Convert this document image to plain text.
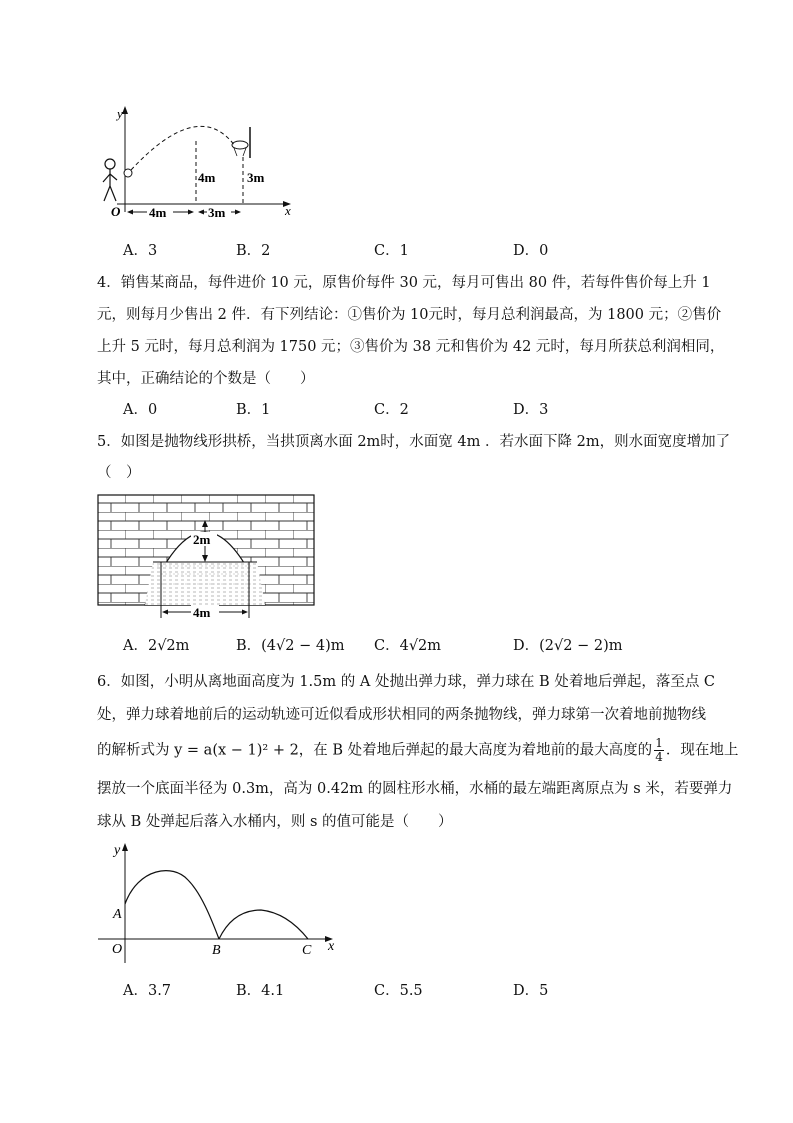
y
x
O
4m 3m
4m	3m
A．3	B．2	C．1	D．0
4．销售某商品，每件进价 10 元，原售价每件 30 元，每月可售出 80 件，若每件售价每上升 1
元，则每月少售出 2 件．有下列结论：①售价为 10元时，每月总利润最高，为 1800 元；②售价
上升 5 元时，每月总利润为 1750 元；③售价为 38 元和售价为 42 元时，每月所获总利润相同，
其中，正确结论的个数是（　　）
A．0	B．1	C．2	D．3
5．如图是抛物线形拱桥，当拱顶离水面 2m时，水面宽 4m ．若水面下降 2m，则水面宽度增加了
（　）
2m
4m
A．2√2m	B．(4√2 − 4)m C．4√2m	D．(2√2 − 2)m
6．如图，小明从离地面高度为 1.5m 的 A 处抛出弹力球，弹力球在 B 处着地后弹起，落至点 C
处，弹力球着地前后的运动轨迹可近似看成形状相同的两条抛物线，弹力球第一次着地前抛物线
的解析式为 y = a(x − 1)² + 2，在 B 处着地后弹起的最大高度为着地前的最大高度的 $\frac{1}{4}$ ．现在地上
摆放一个底面半径为 0.3m，高为 0.42m 的圆柱形水桶，水桶的最左端距离原点为 s 米，若要弹力
球从 B 处弹起后落入水桶内，则 s 的值可能是（　　）
y
x
O
A
B	C
A．3.7	B．4.1	C．5.5	D．5
